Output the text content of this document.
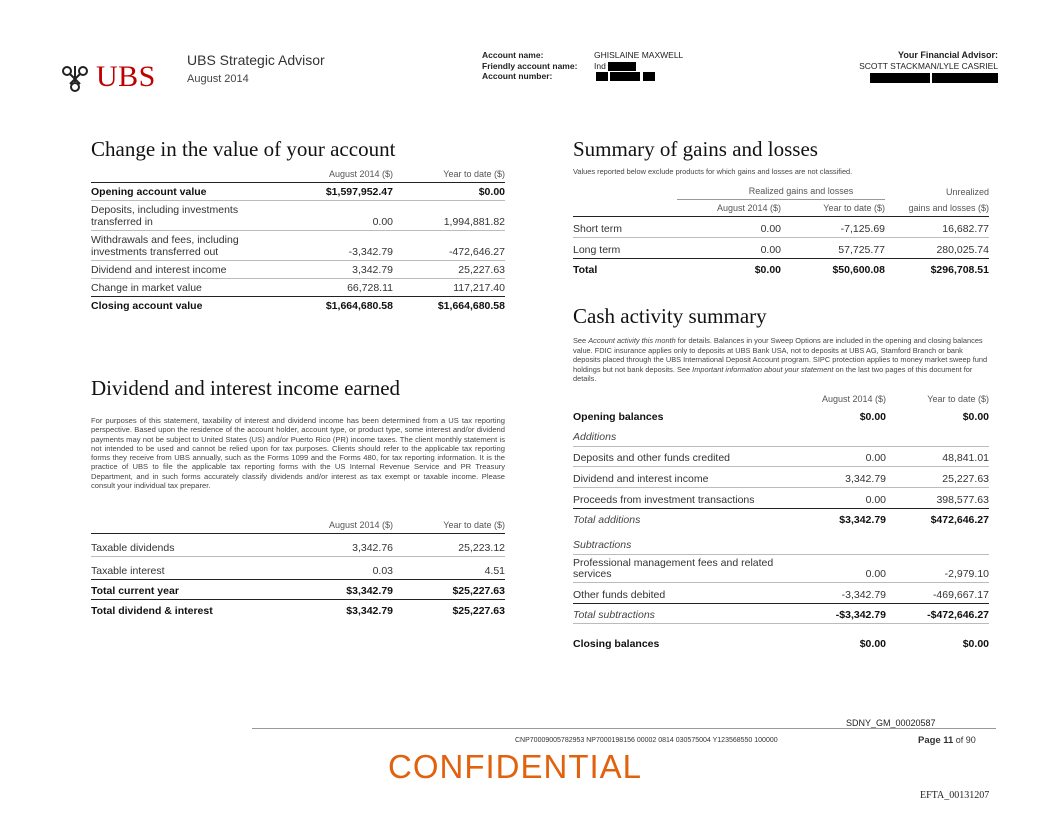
UBS UBS Strategic Advisor
August 2014
Account name:	GHISLAINE MAXWELL
Friendly account name: Ind
Account number:
Your Financial Advisor:
SCOTT STACKMAN/LYLE CASRIEL

Change in the value of your account
	August 2014 ($)	Year to date ($)
Opening account value	$1,597,952.47	$0.00
Deposits, including investments transferred in	0.00	1,994,881.82
Withdrawals and fees, including investments transferred out	-3,342.79	-472,646.27
Dividend and interest income	3,342.79	25,227.63
Change in market value	66,728.11	117,217.40
Closing account value	$1,664,680.58	$1,664,680.58
Dividend and interest income earned
For purposes of this statement, taxability of interest and dividend income has been determined from a US tax reporting perspective. Based upon the residence of the account holder, account type, or product type, some interest and/or dividend payments may not be subject to United States (US) and/or Puerto Rico (PR) income taxes. The client monthly statement is not intended to be used and cannot be relied upon for tax purposes. Clients should refer to the applicable tax reporting forms they receive from UBS annually, such as the Forms 1099 and the Forms 480, for tax reporting information. It is the practice of UBS to file the applicable tax reporting forms with the US Internal Revenue Service and PR Treasury Department, and in such forms accurately classify dividends and/or interest as tax exempt or taxable income. Please consult your individual tax preparer.
	August 2014 ($)	Year to date ($)
Taxable dividends	3,342.76	25,223.12
Taxable interest	0.03	4.51
Total current year	$3,342.79	$25,227.63
Total dividend & interest	$3,342.79	$25,227.63
Summary of gains and losses
Values reported below exclude products for which gains and losses are not classified.
	Realized gains and losses		Unrealized
	August 2014 ($)	Year to date ($)	gains and losses ($)
Short term	0.00	-7,125.69	16,682.77
Long term	0.00	57,725.77	280,025.74
Total	$0.00	$50,600.08	$296,708.51
Cash activity summary
See Account activity this month for details. Balances in your Sweep Options are included in the opening and closing balances value. FDIC insurance applies only to deposits at UBS Bank USA, not to deposits at UBS AG, Stamford Branch or bank deposits placed through the UBS International Deposit Account program. SIPC protection applies to money market sweep fund holdings but not bank deposits. See Important information about your statement on the last two pages of this document for details.
	August 2014 ($)	Year to date ($)
Opening balances	$0.00	$0.00
Additions		
Deposits and other funds credited	0.00	48,841.01
Dividend and interest income	3,342.79	25,227.63
Proceeds from investment transactions	0.00	398,577.63
Total additions	$3,342.79	$472,646.27
Subtractions		
Professional management fees and related services	0.00	-2,979.10
Other funds debited	-3,342.79	-469,667.17
Total subtractions	-$3,342.79	-$472,646.27
Closing balances	$0.00	$0.00
SDNY_GM_00020587
CNP70009005782953 NP7000198156 00002 0814 030575004 Y123568550 100000	Page 11 of 90
CONFIDENTIAL
EFTA_00131207
